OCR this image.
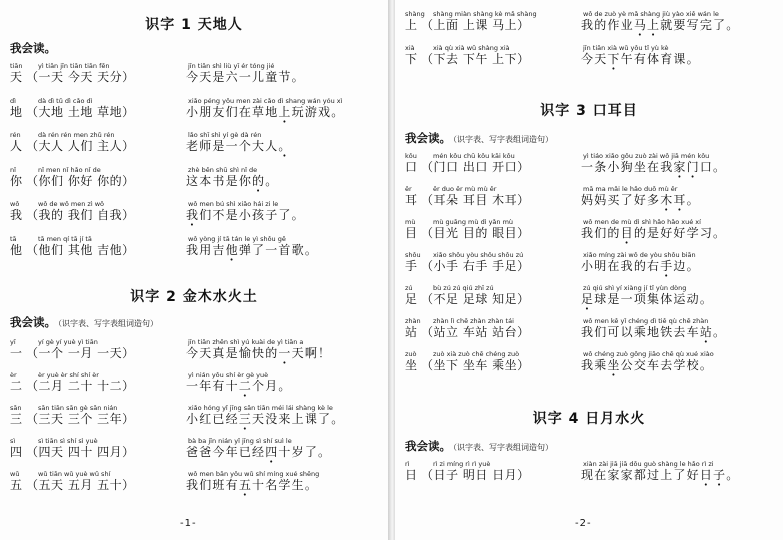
识字 1 天地人
我会读。
tiān
天
yì tiān jīn tiān tiān fēn
（一天 今天 天分）
jīn tiān shì liù yī ér tóng jié
今天是六一儿童节。
dì
地
dà dì tǔ dì cǎo dì
（大地 土地 草地）
xiǎo péng yǒu men zài cǎo dì shang wán yóu xì
小朋友们在草地上玩游戏。
rén
人
dà rén rén men zhǔ rén
（大人 人们 主人）
lǎo shī shì yí gè dà rén
老师是一个大人。 •
nǐ
你
nǐ men nǐ hǎo nǐ de
（你们 你好 你的）
zhè běn shū shì nǐ de
这本书是你的。
wǒ
我
wǒ de wǒ men zì wǒ
（我的 我们 自我）
wǒ men bú shì xiǎo hái zi le
我们不是小孩子了。
tā
他
tā men qí tā jí tā
（他们 其他 吉他）
wǒ yòng jí tā tán le yì shǒu gē
我用吉他弹了一首歌。
识字 2 金木水火土
我会读。 （识字表、写字表组词造句）
yī
一
yí gè yí yuè yì tiān
（一个 一月 一天）
jīn tiān zhēn shì yú kuài de yì tiān a
今天真是愉快的一天啊！
èr
二
èr yuè èr shí shí èr
（二月 二十 十二）
yì nián yǒu shí èr gè yuè
一年有十二个月。
sān
三
sān tiān sān gè sān nián
（三天 三个 三年）
xiǎo hóng yǐ jīng sān tiān méi lái shàng kè le
小红已经三天没来上课了。
sì
四
sì tiān sì shí sì yuè
（四天 四十 四月）
bà ba jīn nián yǐ jīng sì shí suì le
爸爸今年已经四十岁了。
wǔ
五
wǔ tiān wǔ yuè wǔ shí
（五天 五月 五十）
wǒ men bān yǒu wǔ shí míng xué shēng
我们班有五十名学生。
-1-
shàng
上
shàng miàn shàng kè mǎ shàng
（上面 上课 马上）
wǒ de zuò yè mǎ shàng jiù yào xiě wán le
我的作业马上就要写完了。
xià
下
xià qù xià wǔ shàng xià
（下去 下午 上下）
jīn tiān xià wǔ yǒu tǐ yù kè
今天下午有体育课。
识字 3 口耳目
我会读。 （识字表、写字表组词造句）
kǒu
口
mén kǒu chū kǒu kāi kǒu
（门口 出口 开口）
yì tiáo xiǎo gǒu zuò zài wǒ jiā mén kǒu
一条小狗坐在我家门口。
ěr
耳
ěr duo ěr mù mù ěr
（耳朵 耳目 木耳）
mā ma mǎi le hǎo duō mù ěr
妈妈买了好多木耳。
mù
目
mù guāng mù dì yǎn mù
（目光 目的 眼目）
wǒ men de mù dì shì hǎo hǎo xué xí
我们的目的是好好学习。
shǒu
手
xiǎo shǒu yòu shǒu shǒu zú
（小手 右手 手足）
xiǎo míng zài wǒ de yòu shǒu biān
小明在我的右手边。
zú
足
bù zú zú qiú zhī zú
（不足 足球 知足）
zú qiú shì yí xiàng jí tǐ yùn dòng
足球是一项集体运动。
zhàn
站
zhàn lì chē zhàn zhàn tái
（站立 车站 站台）
wǒ men kě yǐ chéng dì tiě qù chē zhàn
我们可以乘地铁去车站。
zuò
坐
zuò xià zuò chē chéng zuò
（坐下 坐车 乘坐）
wǒ chéng zuò gōng jiāo chē qù xué xiào
我乘坐公交车去学校。
识字 4 日月水火
我会读。 （识字表、写字表组词造句）
rì
日
rì zi míng rì rì yuè
（日子 明日 日月）
xiàn zài jiā jiā dōu guò shàng le hǎo rì zi
现在家家都过上了好日子。
-2-
